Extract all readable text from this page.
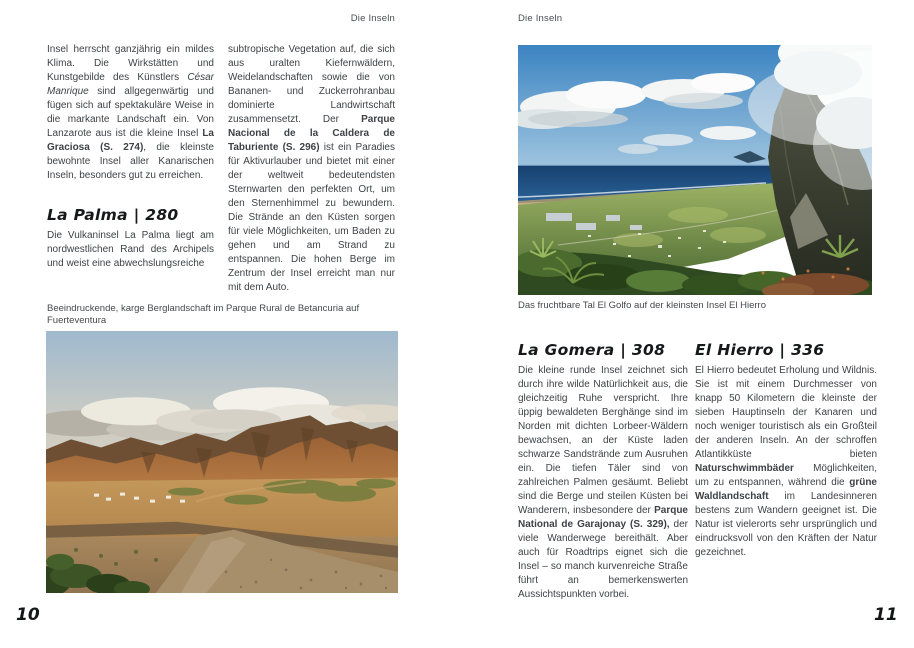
Die Inseln

Insel herrscht ganzjährig ein mildes Klima. Die Wirkstätten und Kunstgebilde des Künstlers César Manrique sind allgegenwärtig und fügen sich auf spektakuläre Weise in die markante Landschaft ein. Von Lanzarote aus ist die kleine Insel La Graciosa (S. 274), die kleinste bewohnte Insel aller Kanarischen Inseln, besonders gut zu erreichen.

La Palma | 280

Die Vulkaninsel La Palma liegt am nordwestlichen Rand des Archipels und weist eine abwechslungsreiche

subtropische Vegetation auf, die sich aus uralten Kiefernwäldern, Weidelandschaften sowie die von Bananen- und Zuckerrohranbau dominierte Landwirtschaft zusammensetzt. Der Parque Nacional de la Caldera de Taburiente (S. 296) ist ein Paradies für Aktivurlauber und bietet mit einer der weltweit bedeutendsten Sternwarten den perfekten Ort, um den Sternenhimmel zu bewundern. Die Strände an den Küsten sorgen für viele Möglichkeiten, um Baden zu gehen und am Strand zu entspannen. Die hohen Berge im Zentrum der Insel erreicht man nur mit dem Auto.

Beeindruckende, karge Berglandschaft im Parque Rural de Betancuria auf Fuerteventura
10
Die Inseln
Das fruchtbare Tal El Golfo auf der kleinsten Insel El Hierro
La Gomera | 308

Die kleine runde Insel zeichnet sich durch ihre wilde Natürlichkeit aus, die gleichzeitig Ruhe verspricht. Ihre üppig bewaldeten Berghänge sind im Norden mit dichten Lorbeer-Wäldern bewachsen, an der Küste laden schwarze Sandstrände zum Ausruhen ein. Die tiefen Täler sind von zahlreichen Palmen gesäumt. Beliebt sind die Berge und steilen Küsten bei Wanderern, insbesondere der Parque National de Garajonay (S. 329), der viele Wanderwege bereithält. Aber auch für Roadtrips eignet sich die Insel – so manch kurvenreiche Straße führt an bemerkenswerten Aussichtspunkten vorbei.

El Hierro | 336

El Hierro bedeutet Erholung und Wildnis. Sie ist mit einem Durchmesser von knapp 50 Kilometern die kleinste der sieben Hauptinseln der Kanaren und noch weniger touristisch als ein Großteil der anderen Inseln. An der schroffen Atlantikküste bieten Naturschwimmbäder Möglichkeiten, um zu entspannen, während die grüne Waldlandschaft im Landesinneren bestens zum Wandern geeignet ist. Die Natur ist vielerorts sehr ursprünglich und eindrucksvoll von den Kräften der Natur gezeichnet.

11
